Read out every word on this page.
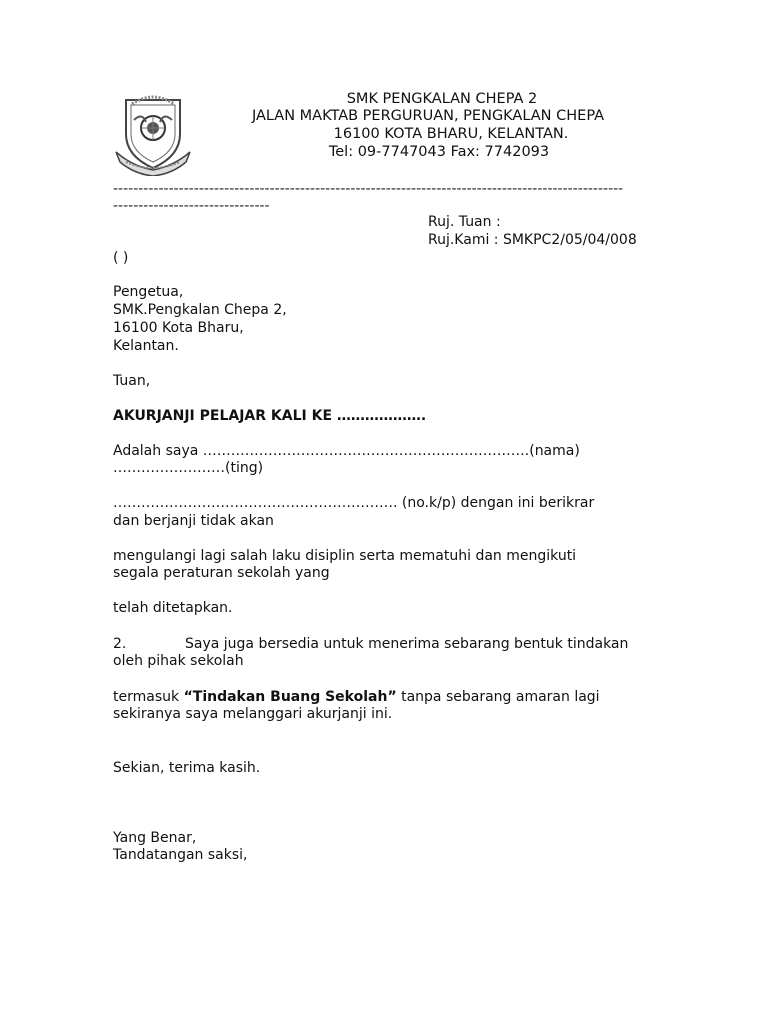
SMK PENGKALAN CHEPA 2
JALAN MAKTAB PERGURUAN, PENGKALAN CHEPA
16100 KOTA BHARU, KELANTAN.
Tel: 09-7747043 Fax: 7742093
-----------------------------------------------------------------------------------------------------
-------------------------------
Ruj. Tuan :
Ruj.Kami : SMKPC2/05/04/008
( )
Pengetua,
SMK.Pengkalan Chepa 2,
16100 Kota Bharu,
Kelantan.
Tuan,
AKURJANJI PELAJAR KALI KE ……………….
Adalah saya …………………………………………………………….(nama)
……………………(ting)
……………………………………………………. (no.k/p) dengan ini berikrar
dan berjanji tidak akan
mengulangi lagi salah laku disiplin serta mematuhi dan mengikuti
segala peraturan sekolah yang
telah ditetapkan.
2.	Saya juga bersedia untuk menerima sebarang bentuk tindakan
oleh pihak sekolah
termasuk “Tindakan Buang Sekolah” tanpa sebarang amaran lagi
sekiranya saya melanggari akurjanji ini.
Sekian, terima kasih.
Yang Benar,
Tandatangan saksi,
